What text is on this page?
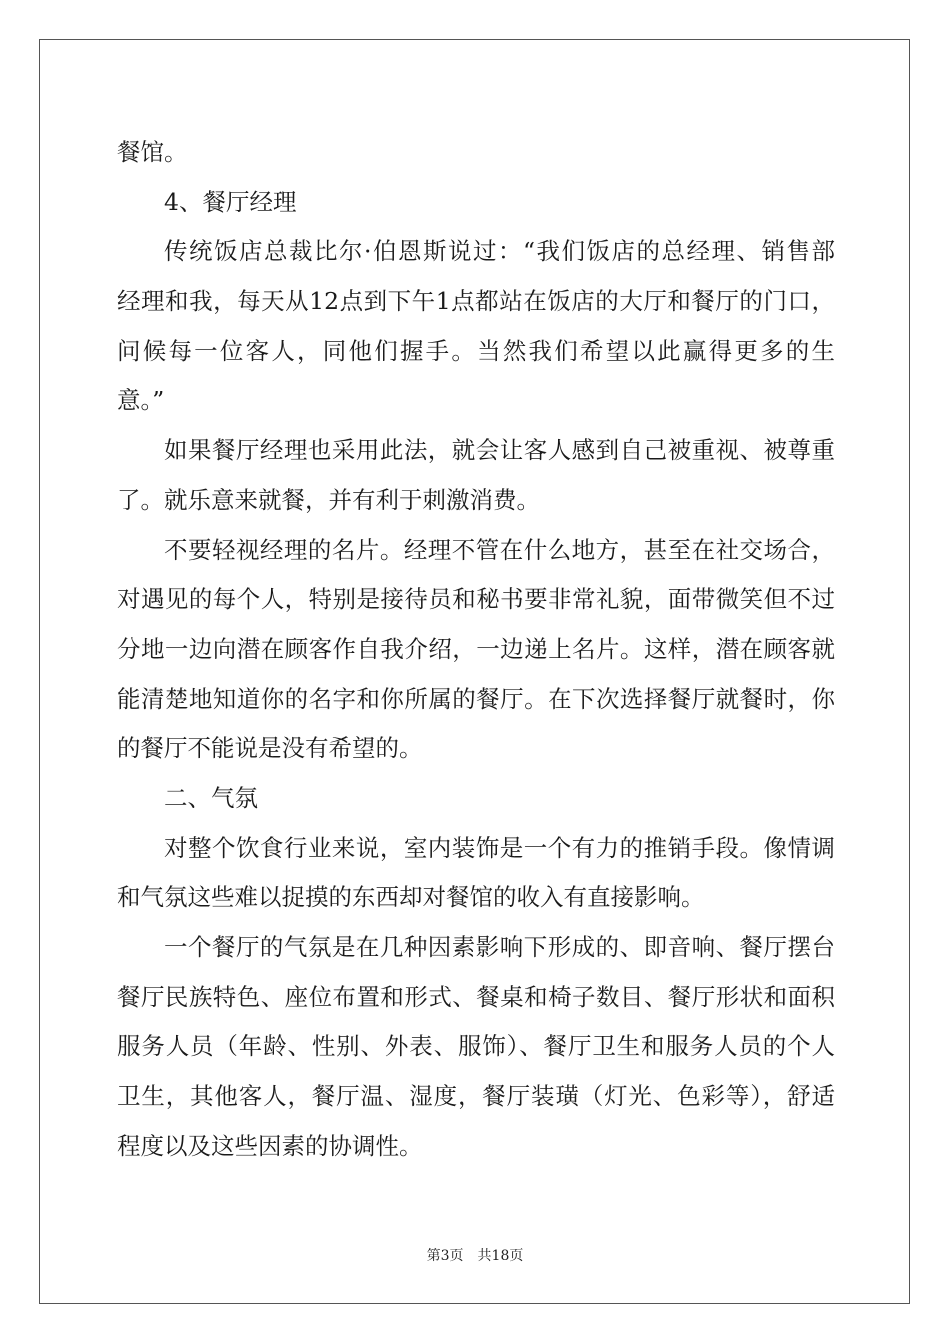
餐馆。
4、餐厅经理
传统饭店总裁比尔·伯恩斯说过：“我们饭店的总经理、销售部
经理和我，每天从12点到下午1点都站在饭店的大厅和餐厅的门口，
问候每一位客人，同他们握手。当然我们希望以此赢得更多的生
意。”
如果餐厅经理也采用此法，就会让客人感到自己被重视、被尊重
了。就乐意来就餐，并有利于刺激消费。
不要轻视经理的名片。经理不管在什么地方，甚至在社交场合，
对遇见的每个人，特别是接待员和秘书要非常礼貌，面带微笑但不过
分地一边向潜在顾客作自我介绍，一边递上名片。这样，潜在顾客就
能清楚地知道你的名字和你所属的餐厅。在下次选择餐厅就餐时，你
的餐厅不能说是没有希望的。
二、气氛
对整个饮食行业来说，室内装饰是一个有力的推销手段。像情调
和气氛这些难以捉摸的东西却对餐馆的收入有直接影响。
一个餐厅的气氛是在几种因素影响下形成的、即音响、餐厅摆台
餐厅民族特色、座位布置和形式、餐桌和椅子数目、餐厅形状和面积
服务人员（年龄、性别、外表、服饰）、餐厅卫生和服务人员的个人
卫生，其他客人，餐厅温、湿度，餐厅装璜（灯光、色彩等），舒适
程度以及这些因素的协调性。
第3页 共18页
